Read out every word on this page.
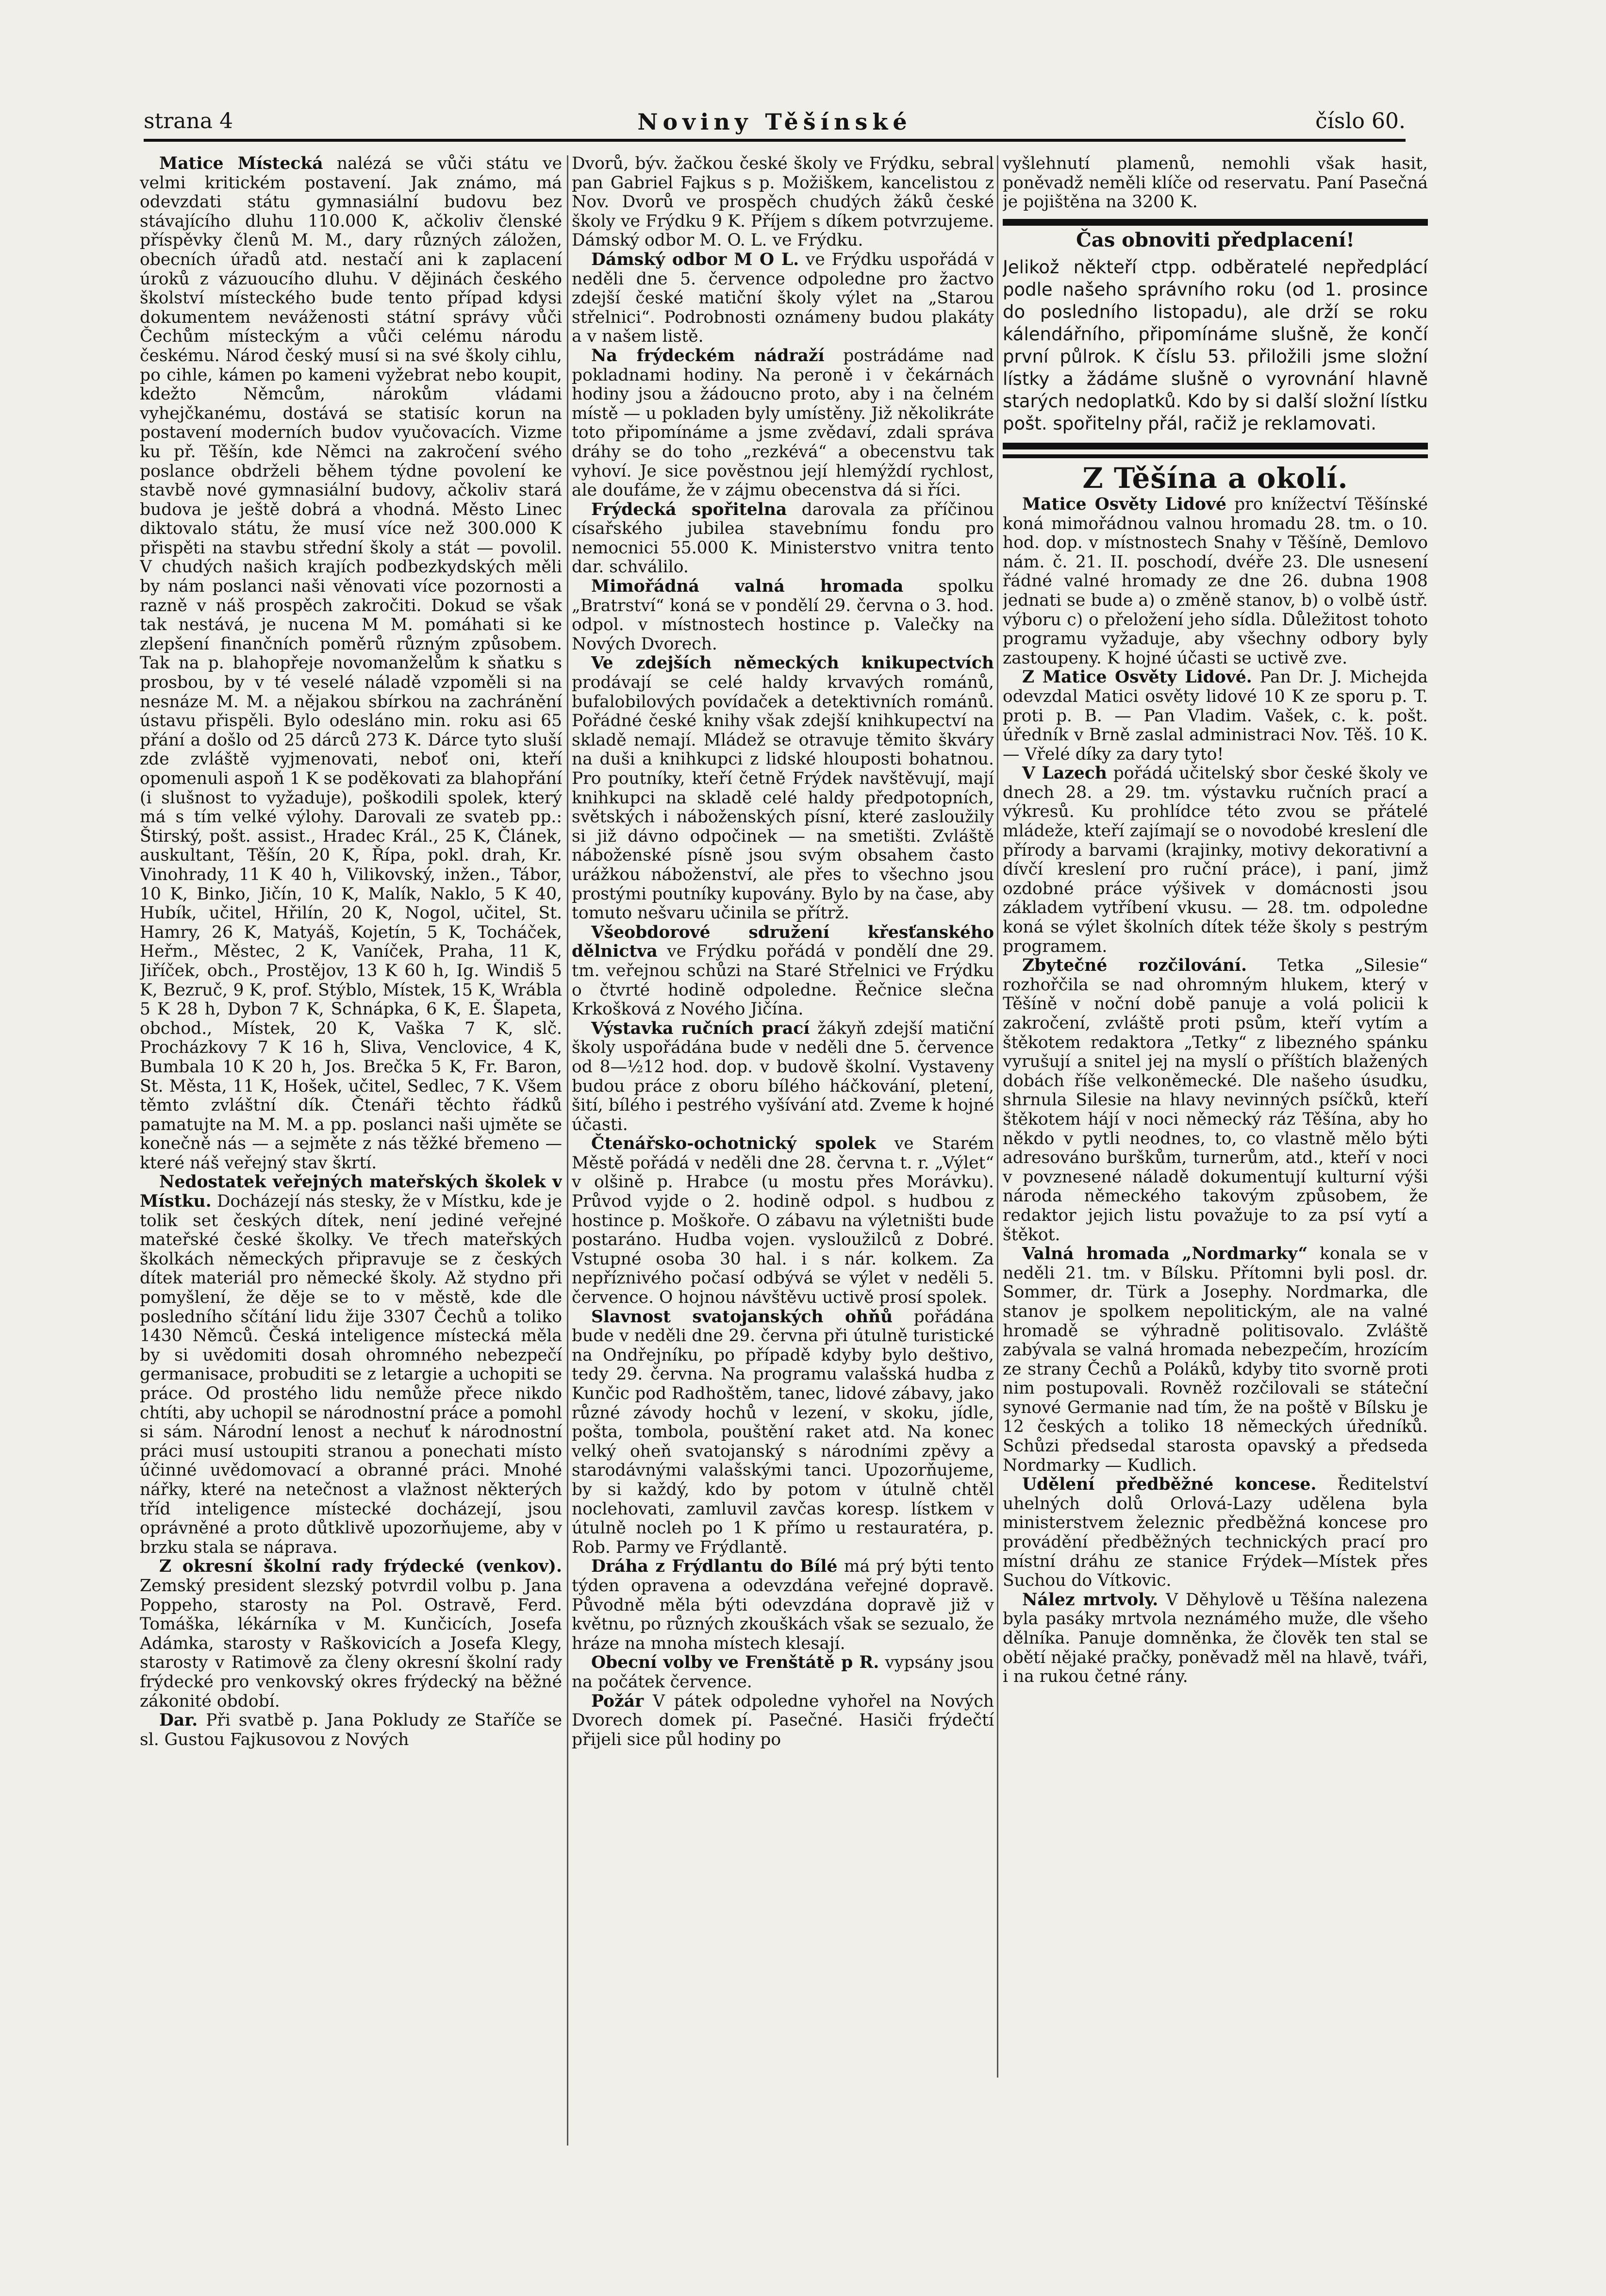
strana 4	Noviny Těšínské	číslo 60.

Matice Místecká nalézá se vůči státu ve velmi kritickém postavení. Jak známo, má odevzdati státu gymnasiální budovu bez stávajícího dluhu 110.000 K, ačkoliv členské příspěvky členů M. M., dary různých záložen, obecních úřadů atd. nestačí ani k zaplacení úroků z vázuoucího dluhu. V dějinách českého školství místeckého bude tento případ kdysi dokumentem neváženosti státní správy vůči Čechům místeckým a vůči celému národu českému. Národ český musí si na své školy cihlu, po cihle, kámen po kameni vyžebrat nebo koupit, kdežto Němcům, nárokům vládami vyhejčkanému, dostává se statisíc korun na postavení moderních budov vyučovacích. Vizme ku př. Těšín, kde Němci na zakročení svého poslance obdrželi během týdne povolení ke stavbě nové gymnasiální budovy, ačkoliv stará budova je ještě dobrá a vhodná. Město Linec diktovalo státu, že musí více než 300.000 K přispěti na stavbu střední školy a stát — povolil. V chudých našich krajích podbezkydských měli by nám poslanci naši věnovati více pozornosti a razně v náš prospěch zakročiti. Dokud se však tak nestává, je nucena M M. pomáhati si ke zlepšení finančních poměrů různým způsobem. Tak na p. blahopřeje novomanželům k sňatku s prosbou, by v té veselé náladě vzpoměli si na nesnáze M. M. a nějakou sbírkou na zachránění ústavu přispěli. Bylo odesláno min. roku asi 65 přání a došlo od 25 dárců 273 K. Dárce tyto sluší zde zvláště vyjmenovati, neboť oni, kteří opomenuli aspoň 1 K se poděkovati za blahopřání (i slušnost to vyžaduje), poškodili spolek, který má s tím velké výlohy. Darovali ze svateb pp.: Štirský, pošt. assist., Hradec Král., 25 K, Článek, auskultant, Těšín, 20 K, Řípa, pokl. drah, Kr. Vinohrady, 11 K 40 h, Vilikovský, inžen., Tábor, 10 K, Binko, Jičín, 10 K, Malík, Naklo, 5 K 40, Hubík, učitel, Hřilín, 20 K, Nogol, učitel, St. Hamry, 26 K, Matyáš, Kojetín, 5 K, Tocháček, Heřm., Městec, 2 K, Vaníček, Praha, 11 K, Jiříček, obch., Prostějov, 13 K 60 h, Ig. Windiš 5 K, Bezruč, 9 K, prof. Stýblo, Místek, 15 K, Wrábla 5 K 28 h, Dybon 7 K, Schnápka, 6 K, E. Šlapeta, obchod., Místek, 20 K, Vaška 7 K, slč. Procházkovy 7 K 16 h, Sliva, Venclovice, 4 K, Bumbala 10 K 20 h, Jos. Brečka 5 K, Fr. Baron, St. Města, 11 K, Hošek, učitel, Sedlec, 7 K. Všem těmto zvláštní dík. Čtenáři těchto řádků pamatujte na M. M. a pp. poslanci naši ujměte se konečně nás — a sejměte z nás těžké břemeno — které náš veřejný stav škrtí.

Nedostatek veřejných mateřských školek v Místku. Docházejí nás stesky, že v Místku, kde je tolik set českých dítek, není jediné veřejné mateřské české školky. Ve třech mateřských školkách německých připravuje se z českých dítek materiál pro německé školy. Až stydno při pomyšlení, že děje se to v městě, kde dle posledního sčítání lidu žije 3307 Čechů a toliko 1430 Němců. Česká inteligence místecká měla by si uvědomiti dosah ohromného nebezpečí germanisace, probuditi se z letargie a uchopiti se práce. Od prostého lidu nemůže přece nikdo chtíti, aby uchopil se národnostní práce a pomohl si sám. Národní lenost a nechuť k národnostní práci musí ustoupiti stranou a ponechati místo účinné uvědomovací a obranné práci. Mnohé nářky, které na netečnost a vlažnost některých tříd inteligence místecké docházejí, jsou oprávněné a proto důtklivě upozorňujeme, aby v brzku stala se náprava.

Z okresní školní rady frýdecké (venkov). Zemský president slezský potvrdil volbu p. Jana Poppeho, starosty na Pol. Ostravě, Ferd. Tomáška, lékárníka v M. Kunčicích, Josefa Adámka, starosty v Raškovicích a Josefa Klegy, starosty v Ratimově za členy okresní školní rady frýdecké pro venkovský okres frýdecký na běžné zákonité období.

Dar. Při svatbě p. Jana Pokludy ze Staříče se sl. Gustou Fajkusovou z Nových

Dvorů, býv. žačkou české školy ve Frýdku, sebral pan Gabriel Fajkus s p. Možiškem, kancelistou z Nov. Dvorů ve prospěch chudých žáků české školy ve Frýdku 9 K. Příjem s díkem potvrzujeme. Dámský odbor M. O. L. ve Frýdku.

Dámský odbor M O L. ve Frýdku uspořádá v neděli dne 5. července odpoledne pro žactvo zdejší české matiční školy výlet na „Starou střelnici“. Podrobnosti oznámeny budou plakáty a v našem listě.

Na frýdeckém nádraží postrádáme nad pokladnami hodiny. Na peroně i v čekárnách hodiny jsou a žádoucno proto, aby i na čelném místě — u pokladen byly umístěny. Již několikráte toto připomínáme a jsme zvědaví, zdali správa dráhy se do toho „rezkévá“ a obecenstvu tak vyhoví. Je sice pověstnou její hlemýždí rychlost, ale doufáme, že v zájmu obecenstva dá si říci.

Frýdecká spořitelna darovala za příčinou císařského jubilea stavebnímu fondu pro nemocnici 55.000 K. Ministerstvo vnitra tento dar. schválilo.

Mimořádná valná hromada spolku „Bratrství“ koná se v pondělí 29. června o 3. hod. odpol. v místnostech hostince p. Valečky na Nových Dvorech.

Ve zdejších německých knikupectvích prodávají se celé haldy krvavých románů, bufalobilových povídaček a detektivních románů. Pořádné české knihy však zdejší knihkupectví na skladě nemají. Mládež se otravuje těmito škváry na duši a knihkupci z lidské hlouposti bohatnou. Pro poutníky, kteří četně Frýdek navštěvují, mají knihkupci na skladě celé haldy předpotopních, světských i náboženských písní, které zasloužily si již dávno odpočinek — na smetišti. Zvláště náboženské písně jsou svým obsahem často urážkou náboženství, ale přes to všechno jsou prostými poutníky kupovány. Bylo by na čase, aby tomuto nešvaru učinila se přítrž.

Všeobdorové sdružení křesťanského dělnictva ve Frýdku pořádá v pondělí dne 29. tm. veřejnou schůzi na Staré Střelnici ve Frýdku o čtvrté hodině odpoledne. Řečnice slečna Krkošková z Nového Jičína.

Výstavka ručních prací žákyň zdejší matiční školy uspořádána bude v neděli dne 5. července od 8—½12 hod. dop. v budově školní. Vystaveny budou práce z oboru bílého háčkování, pletení, šití, bílého i pestrého vyšívání atd. Zveme k hojné účasti.

Čtenářsko-ochotnický spolek ve Starém Městě pořádá v neděli dne 28. června t. r. „Výlet“ v olšině p. Hrabce (u mostu přes Morávku). Průvod vyjde o 2. hodině odpol. s hudbou z hostince p. Moškoře. O zábavu na výletništi bude postaráno. Hudba vojen. vysloužilců z Dobré. Vstupné osoba 30 hal. i s nár. kolkem. Za nepříznivého počasí odbývá se výlet v neděli 5. července. O hojnou návštěvu uctivě prosí spolek.

Slavnost svatojanských ohňů pořádána bude v neděli dne 29. června při útulně turistické na Ondřejníku, po případě kdyby bylo deštivo, tedy 29. června. Na programu valašská hudba z Kunčic pod Radhoštěm, tanec, lidové zábavy, jako různé závody hochů v lezení, v skoku, jídle, pošta, tombola, pouštění raket atd. Na konec velký oheň svatojanský s národními zpěvy a starodávnými valašskými tanci. Upozorňujeme, by si každý, kdo by potom v útulně chtěl noclehovati, zamluvil zavčas koresp. lístkem v útulně nocleh po 1 K přímo u restauratéra, p. Rob. Parmy ve Frýdlantě.

Dráha z Frýdlantu do Bílé má prý býti tento týden opravena a odevzdána veřejné dopravě. Původně měla býti odevzdána dopravě již v květnu, po různých zkouškách však se sezualo, že hráze na mnoha místech klesají.

Obecní volby ve Frenštátě p R. vypsány jsou na počátek července.

Požár V pátek odpoledne vyhořel na Nových Dvorech domek pí. Pasečné. Hasiči frýdečtí přijeli sice půl hodiny po

vyšlehnutí plamenů, nemohli však hasit, poněvadž neměli klíče od reservatu. Paní Pasečná je pojištěna na 3200 K.

Čas obnoviti předplacení!
Jelikož někteří ctpp. odběratelé nepředplácí podle našeho správního roku (od 1. prosince do posledního listopadu), ale drží se roku kálendářního, připomínáme slušně, že končí první půlrok. K číslu 53. přiložili jsme složní lístky a žádáme slušně o vyrovnání hlavně starých nedoplatků. Kdo by si další složní lístku pošt. spořitelny přál, račiž je reklamovati.
Z Těšína a okolí.

Matice Osvěty Lidové pro knížectví Těšínské koná mimořádnou valnou hromadu 28. tm. o 10. hod. dop. v místnostech Snahy v Těšíně, Demlovo nám. č. 21. II. poschodí, dvéře 23. Dle usnesení řádné valné hromady ze dne 26. dubna 1908 jednati se bude a) o změně stanov, b) o volbě ústř. výboru c) o přeložení jeho sídla. Důležitost tohoto programu vyžaduje, aby všechny odbory byly zastoupeny. K hojné účasti se uctivě zve.

Z Matice Osvěty Lidové. Pan Dr. J. Michejda odevzdal Matici osvěty lidové 10 K ze sporu p. T. proti p. B. — Pan Vladim. Vašek, c. k. pošt. úředník v Brně zaslal administraci Nov. Těš. 10 K. — Vřelé díky za dary tyto!

V Lazech pořádá učitelský sbor české školy ve dnech 28. a 29. tm. výstavku ručních prací a výkresů. Ku prohlídce této zvou se přátelé mládeže, kteří zajímají se o novodobé kreslení dle přírody a barvami (krajinky, motivy dekorativní a dívčí kreslení pro ruční práce), i paní, jimž ozdobné práce výšivek v domácnosti jsou základem vytříbení vkusu. — 28. tm. odpoledne koná se výlet školních dítek téže školy s pestrým programem.

Zbytečné rozčilování. Tetka „Silesie“ rozhořčila se nad ohromným hlukem, který v Těšíně v noční době panuje a volá policii k zakročení, zvláště proti psům, kteří vytím a štěkotem redaktora „Tetky“ z libezného spánku vyrušují a snitel jej na myslí o příštích blažených dobách říše velkoněmecké. Dle našeho úsudku, shrnula Silesie na hlavy nevinných psíčků, kteří štěkotem hájí v noci německý ráz Těšína, aby ho někdo v pytli neodnes, to, co vlastně mělo býti adresováno burškům, turnerům, atd., kteří v noci v povznesené náladě dokumentují kulturní výši národa německého takovým způsobem, že redaktor jejich listu považuje to za psí vytí a štěkot.

Valná hromada „Nordmarky“ konala se v neděli 21. tm. v Bílsku. Přítomni byli posl. dr. Sommer, dr. Türk a Josephy. Nordmarka, dle stanov je spolkem nepolitickým, ale na valné hromadě se výhradně politisovalo. Zvláště zabývala se valná hromada nebezpečím, hrozícím ze strany Čechů a Poláků, kdyby tito svorně proti nim postupovali. Rovněž rozčilovali se státeční synové Germanie nad tím, že na poště v Bílsku je 12 českých a toliko 18 německých úředníků. Schůzi předsedal starosta opavský a předseda Nordmarky — Kudlich.

Udělení předběžné koncese. Ředitelství uhelných dolů Orlová-Lazy udělena byla ministerstvem železnic předběžná koncese pro provádění předběžných technických prací pro místní dráhu ze stanice Frýdek—Místek přes Suchou do Vítkovic.

Nález mrtvoly. V Děhylově u Těšína nalezena byla pasáky mrtvola neznámého muže, dle všeho dělníka. Panuje domněnka, že člověk ten stal se obětí nějaké pračky, poněvadž měl na hlavě, tváři, i na rukou četné rány.
